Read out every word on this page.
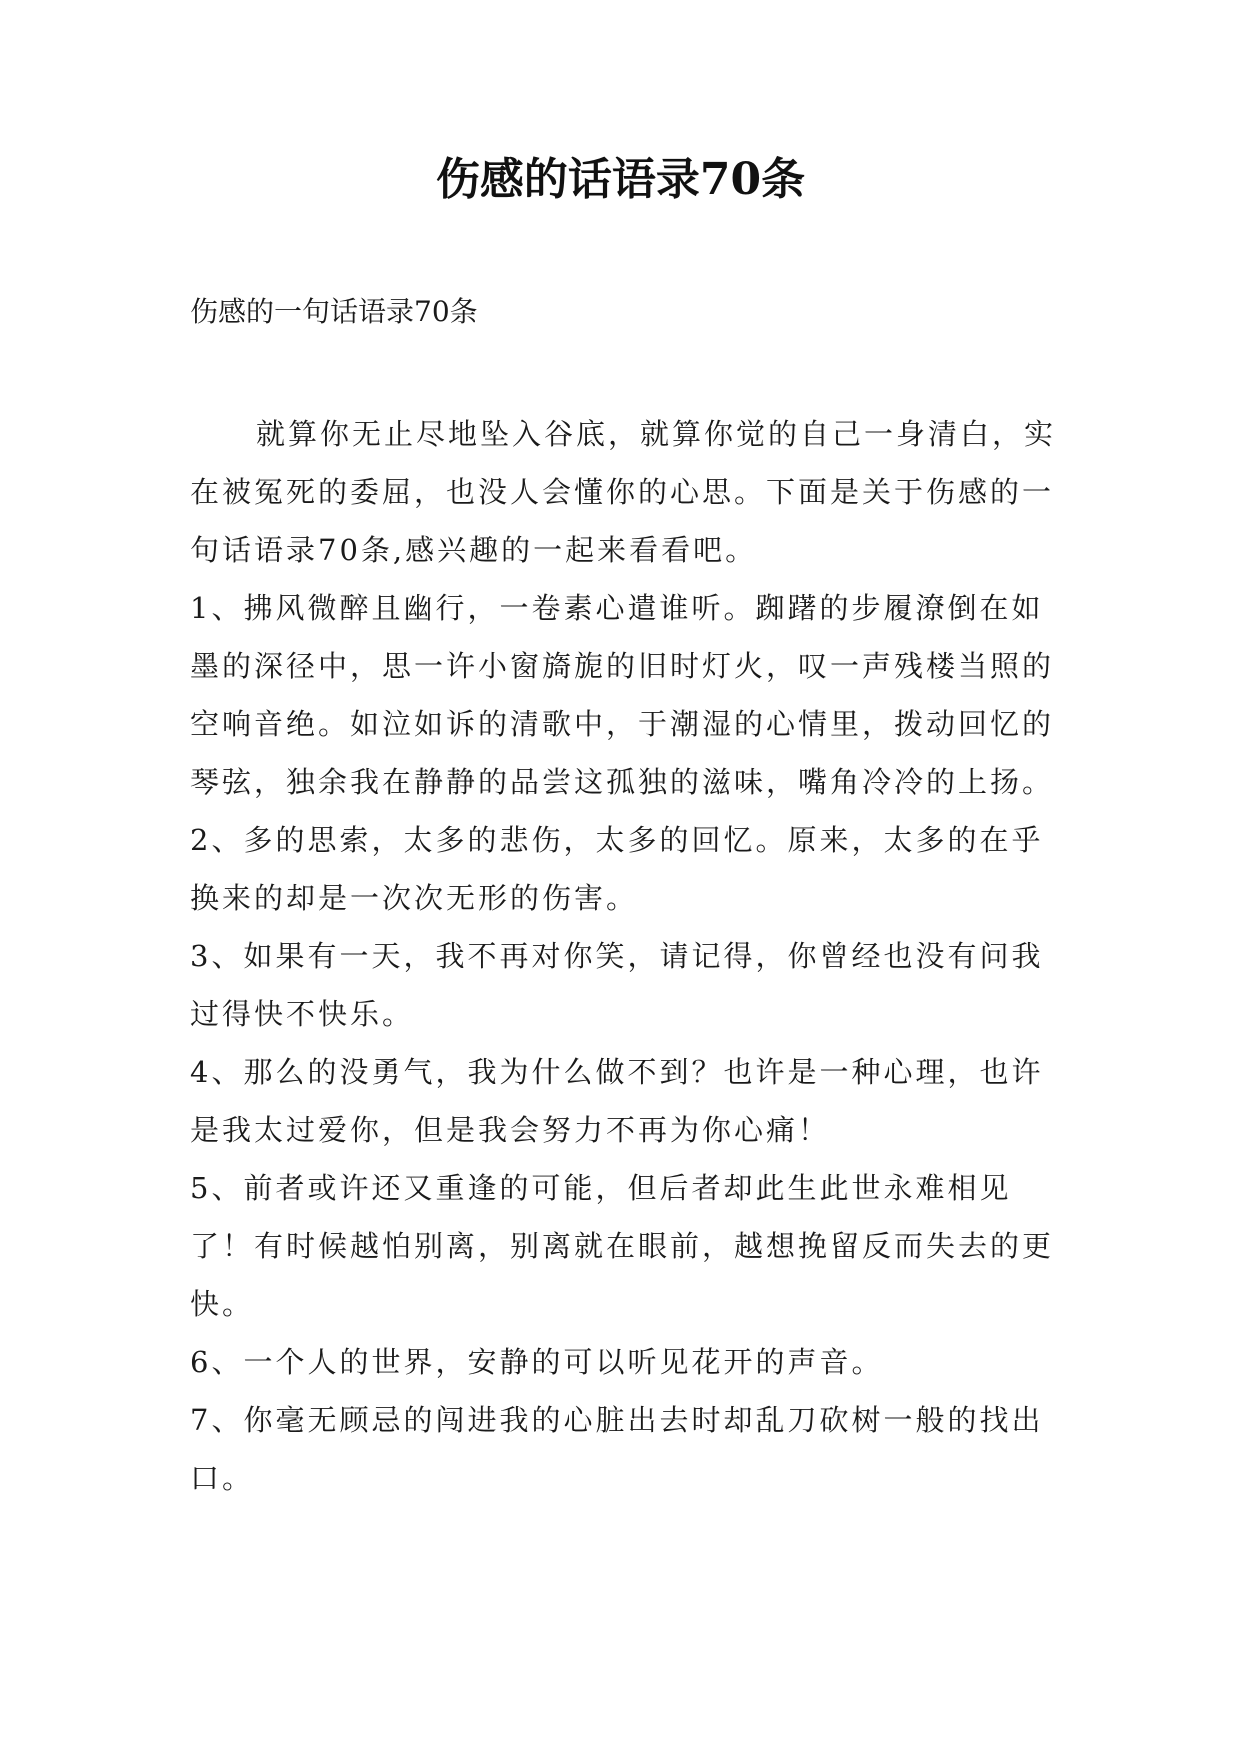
伤感的话语录70条

伤感的一句话语录70条

就算你无止尽地坠入谷底，就算你觉的自己一身清白，实在被冤死的委屈，也没人会懂你的心思。下面是关于伤感的一句话语录70条,感兴趣的一起来看看吧。

1、拂风微醉且幽行，一卷素心遣谁听。踟躇的步履潦倒在如墨的深径中，思一许小窗旖旎的旧时灯火，叹一声残楼当照的空响音绝。如泣如诉的清歌中，于潮湿的心情里，拨动回忆的琴弦，独余我在静静的品尝这孤独的滋味，嘴角冷冷的上扬。

2、多的思索，太多的悲伤，太多的回忆。原来，太多的在乎换来的却是一次次无形的伤害。

3、如果有一天，我不再对你笑，请记得，你曾经也没有问我过得快不快乐。

4、那么的没勇气，我为什么做不到？也许是一种心理，也许是我太过爱你，但是我会努力不再为你心痛！

5、前者或许还又重逢的可能，但后者却此生此世永难相见了！有时候越怕别离，别离就在眼前，越想挽留反而失去的更快。

6、一个人的世界，安静的可以听见花开的声音。

7、你毫无顾忌的闯进我的心脏出去时却乱刀砍树一般的找出口。
